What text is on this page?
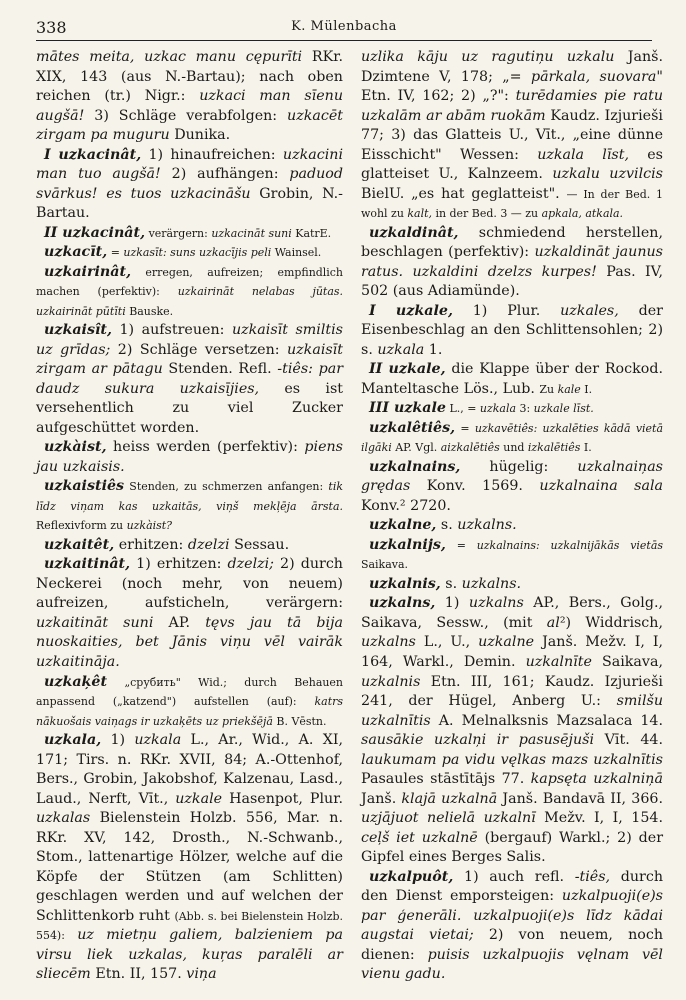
338	K. Mülenbacha

mātes meita, uzkac manu cępurīti RKr. XIX, 143 (aus N.-Bartau); nach oben reichen (tr.) Nigr.: uzkaci man sīenu augšā! 3) Schläge verabfolgen: uzkacēt zirgam pa muguru Dunika.

I uzkacinât, 1) hinaufreichen: uzkacini man tuo augšā! 2) aufhängen: paduod svārkus! es tuos uzkacināšu Grobin, N.-Bartau.

II uzkacinât, verärgern: uzkacināt suni KatrE.

uzkacīt, = uzkasīt: suns uzkacījis peli Wainsel.

uzkairinât, erregen, aufreizen; empfindlich machen (perfektiv): uzkairināt nelabas jūtas. uzkairināt pūtīti Bauske.

uzkaisît, 1) aufstreuen: uzkaisīt smiltis uz grīdas; 2) Schläge versetzen: uzkaisīt zirgam ar pātagu Stenden. Refl. -tiês: par daudz sukura uzkaisījies, es ist versehentlich zu viel Zucker aufgeschüttet worden.

uzkàist, heiss werden (perfektiv): piens jau uzkaisis.

uzkaistiês Stenden, zu schmerzen anfangen: tik līdz viņam kas uzkaitās, viņš mekļēja ārsta. Reflexivform zu uzkàist?

uzkaitêt, erhitzen: dzelzi Sessau.

uzkaitinât, 1) erhitzen: dzelzi; 2) durch Neckerei (noch mehr, von neuem) aufreizen, aufsticheln, verärgern: uzkaitināt suni AP. tęvs jau tā bija nuoskaities, bet Jānis viņu vēl vairāk uzkaitināja.

uzkaķêt „срубить" Wid.; durch Behauen anpassend („katzend") aufstellen (auf): katrs nākuošais vaiņags ir uzkaķēts uz priekšējā B. Vēstn.

uzkala, 1) uzkala L., Ar., Wid., A. XI, 171; Tirs. n. RKr. XVII, 84; A.-Ottenhof, Bers., Grobin, Jakobshof, Kalzenau, Lasd., Laud., Nerft, Vīt., uzkale Hasenpot, Plur. uzkalas Bielenstein Holzb. 556, Mar. n. RKr. XV, 142, Drosth., N.-Schwanb., Stom., lattenartige Hölzer, welche auf die Köpfe der Stützen (am Schlitten) geschlagen werden und auf welchen der Schlittenkorb ruht (Abb. s. bei Bielenstein Holzb. 554): uz mietņu galiem, balzieniem pa virsu liek uzkalas, kuŗas paralēli ar sliecēm Etn. II, 157. viņa

uzlika kāju uz ragutiņu uzkalu Janš. Dzimtene V, 178; „= pārkala, suovara" Etn. IV, 162; 2) „?": turēdamies pie ratu uzkalām ar abām ruokām Kaudz. Izjurieši 77; 3) das Glatteis U., Vīt., „eine dünne Eisschicht" Wessen: uzkala līst, es glatteiset U., Kalnzeem. uzkalu uzvilcis BielU. „es hat geglatteist". — In der Bed. 1 wohl zu kalt, in der Bed. 3 — zu apkala, atkala.

uzkaldinât, schmiedend herstellen, beschlagen (perfektiv): uzkaldināt jaunus ratus. uzkaldini dzelzs kurpes! Pas. IV, 502 (aus Adiamünde).

I uzkale, 1) Plur. uzkales, der Eisenbeschlag an den Schlittensohlen; 2) s. uzkala 1.

II uzkale, die Klappe über der Rockod. Manteltasche Lös., Lub. Zu kale I.

III uzkale L., = uzkala 3: uzkale līst.

uzkalêtiês, = uzkavētiês: uzkalēties kādā vietā ilgāki AP. Vgl. aizkalētiês und izkalētiês I.

uzkalnains, hügelig: uzkalnaiņas grędas Konv. 1569. uzkalnaina sala Konv.² 2720.

uzkalne, s. uzkalns.

uzkalnijs, = uzkalnains: uzkalnijākās vietās Saikava.

uzkalnis, s. uzkalns.

uzkalns, 1) uzkalns AP., Bers., Golg., Saikava, Sessw., (mit al²) Widdrisch, uzkalns L., U., uzkalne Janš. Mežv. I, I, 164, Warkl., Demin. uzkalnīte Saikava, uzkalnis Etn. III, 161; Kaudz. Izjurieši 241, der Hügel, Anberg U.: smilšu uzkalnītis A. Melnalksnis Mazsalaca 14. sausākie uzkalņi ir pasusējuši Vīt. 44. laukumam pa vidu vęlkas mazs uzkalnītis Pasaules stāstītājs 77. kapsęta uzkalniņā Janš. klajā uzkalnā Janš. Bandavā II, 366. uzjājuot nelielā uzkalnī Mežv. I, I, 154. ceļš iet uzkalnē (bergauf) Warkl.; 2) der Gipfel eines Berges Salis.

uzkalpuôt, 1) auch refl. -tiês, durch den Dienst emporsteigen: uzkalpuoji(e)s par ģenerāli. uzkalpuoji(e)s līdz kādai augstai vietai; 2) von neuem, noch dienen: puisis uzkalpuojis vęlnam vēl vienu gadu.
